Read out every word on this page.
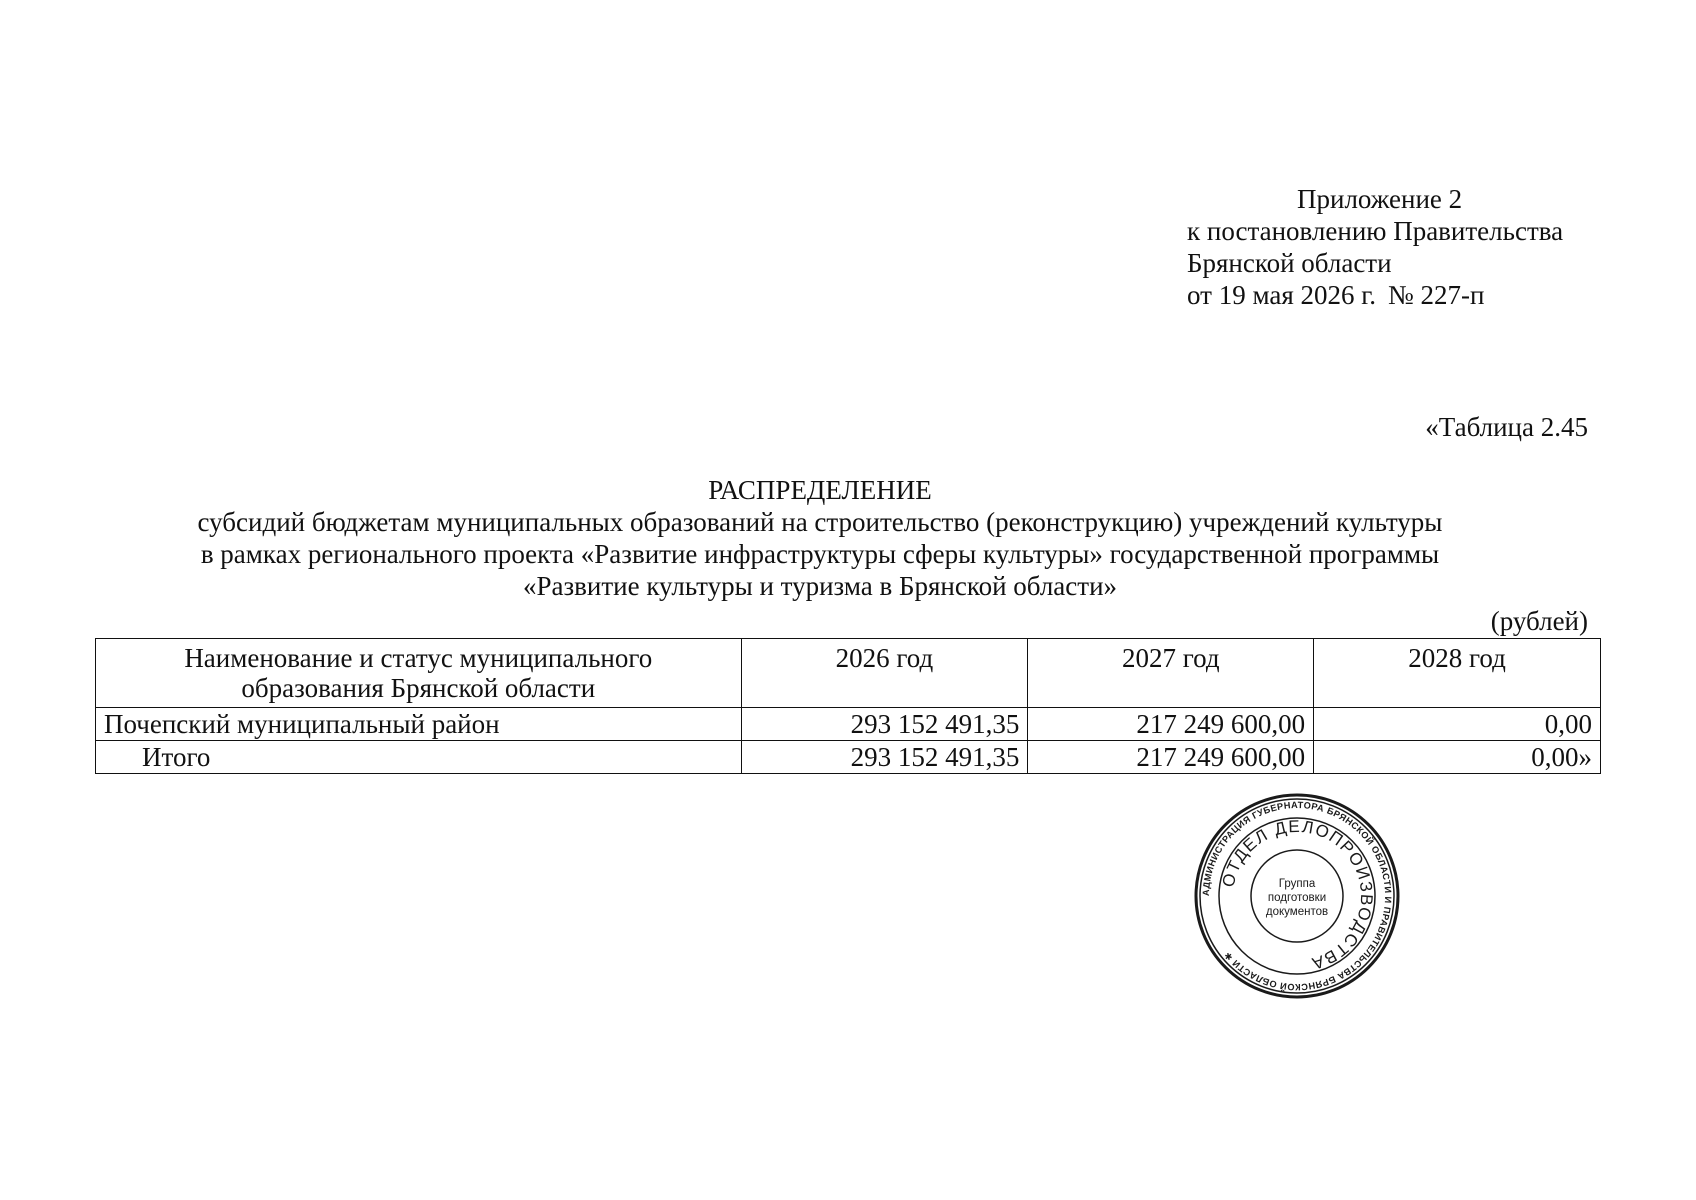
Приложение 2
к постановлению Правительства
Брянской области
от 19 мая 2026 г. № 227-п
«Таблица 2.45
РАСПРЕДЕЛЕНИЕ
субсидий бюджетам муниципальных образований на строительство (реконструкцию) учреждений культуры
в рамках регионального проекта «Развитие инфраструктуры сферы культуры» государственной программы
«Развитие культуры и туризма в Брянской области»
(рублей)
Наименование и статус муниципального
образования Брянской области	2026 год	2027 год	2028 год
Почепский муниципальный район	293 152 491,35	217 249 600,00	0,00
Итого	293 152 491,35	217 249 600,00	0,00»
АДМИНИСТРАЦИЯ ГУБЕРНАТОРА БРЯНСКОЙ ОБЛАСТИ И ПРАВИТЕЛЬСТВА БРЯНСКОЙ ОБЛАСТИ ✱
ОТДЕЛ ДЕЛОПРОИЗВОДСТВА
Группа
подготовки
документов
